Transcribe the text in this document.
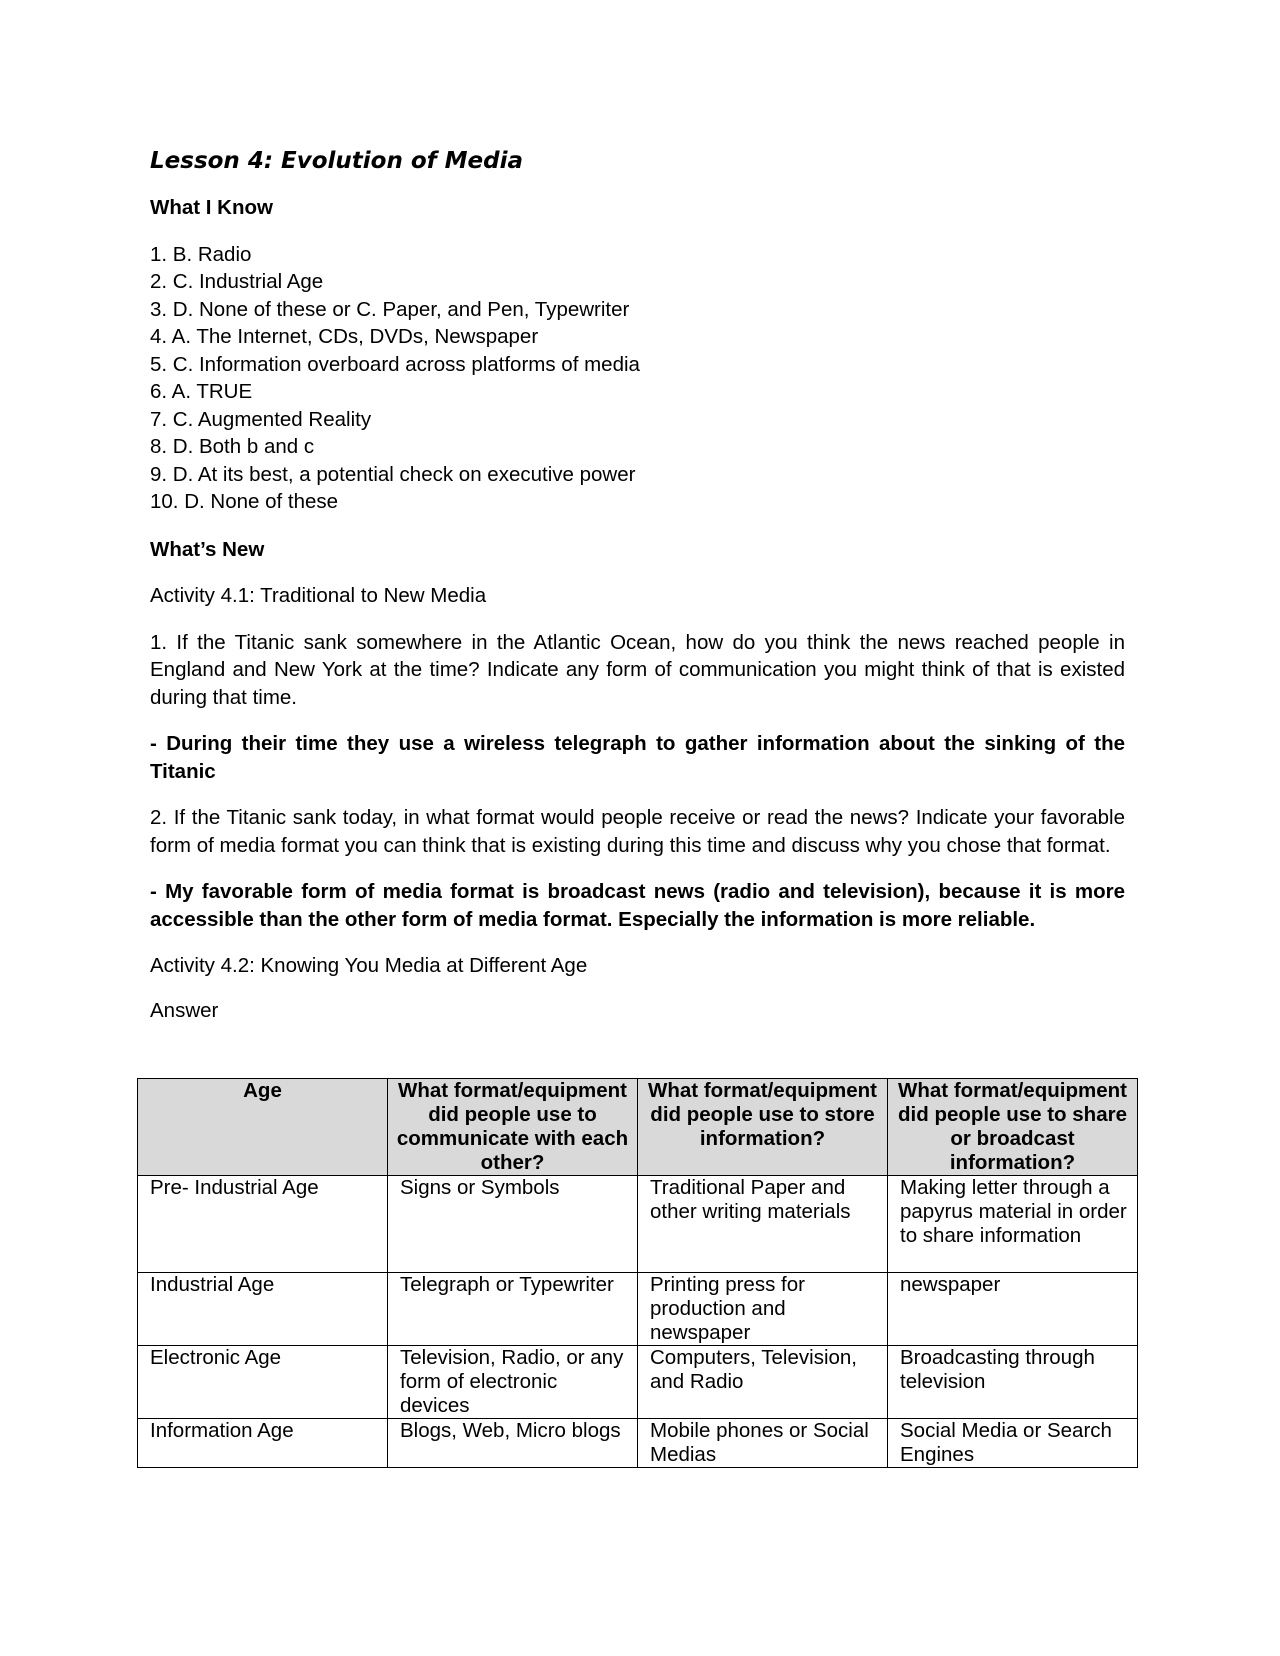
Lesson 4: Evolution of Media
What I Know
1. B. Radio
2. C. Industrial Age
3. D. None of these or C. Paper, and Pen, Typewriter
4. A. The Internet, CDs, DVDs, Newspaper
5. C. Information overboard across platforms of media
6. A. TRUE
7. C. Augmented Reality
8. D. Both b and c
9. D. At its best, a potential check on executive power
10. D. None of these
What’s New

Activity 4.1: Traditional to New Media

1. If the Titanic sank somewhere in the Atlantic Ocean, how do you think the news reached people in England and New York at the time? Indicate any form of communication you might think of that is existed during that time.

- During their time they use a wireless telegraph to gather information about the sinking of the Titanic

2. If the Titanic sank today, in what format would people receive or read the news? Indicate your favorable form of media format you can think that is existing during this time and discuss why you chose that format.

- My favorable form of media format is broadcast news (radio and television), because it is more accessible than the other form of media format. Especially the information is more reliable.

Activity 4.2: Knowing You Media at Different Age

Answer
Age	What format/equipment did people use to communicate with each other?	What format/equipment did people use to store information?	What format/equipment did people use to share or broadcast information?
Pre- Industrial Age	Signs or Symbols	Traditional Paper and other writing materials	Making letter through a papyrus material in order to share information
Industrial Age	Telegraph or Typewriter	Printing press for production and newspaper	newspaper
Electronic Age	Television, Radio, or any form of electronic devices	Computers, Television, and Radio	Broadcasting through television
Information Age	Blogs, Web, Micro blogs	Mobile phones or Social Medias	Social Media or Search Engines
